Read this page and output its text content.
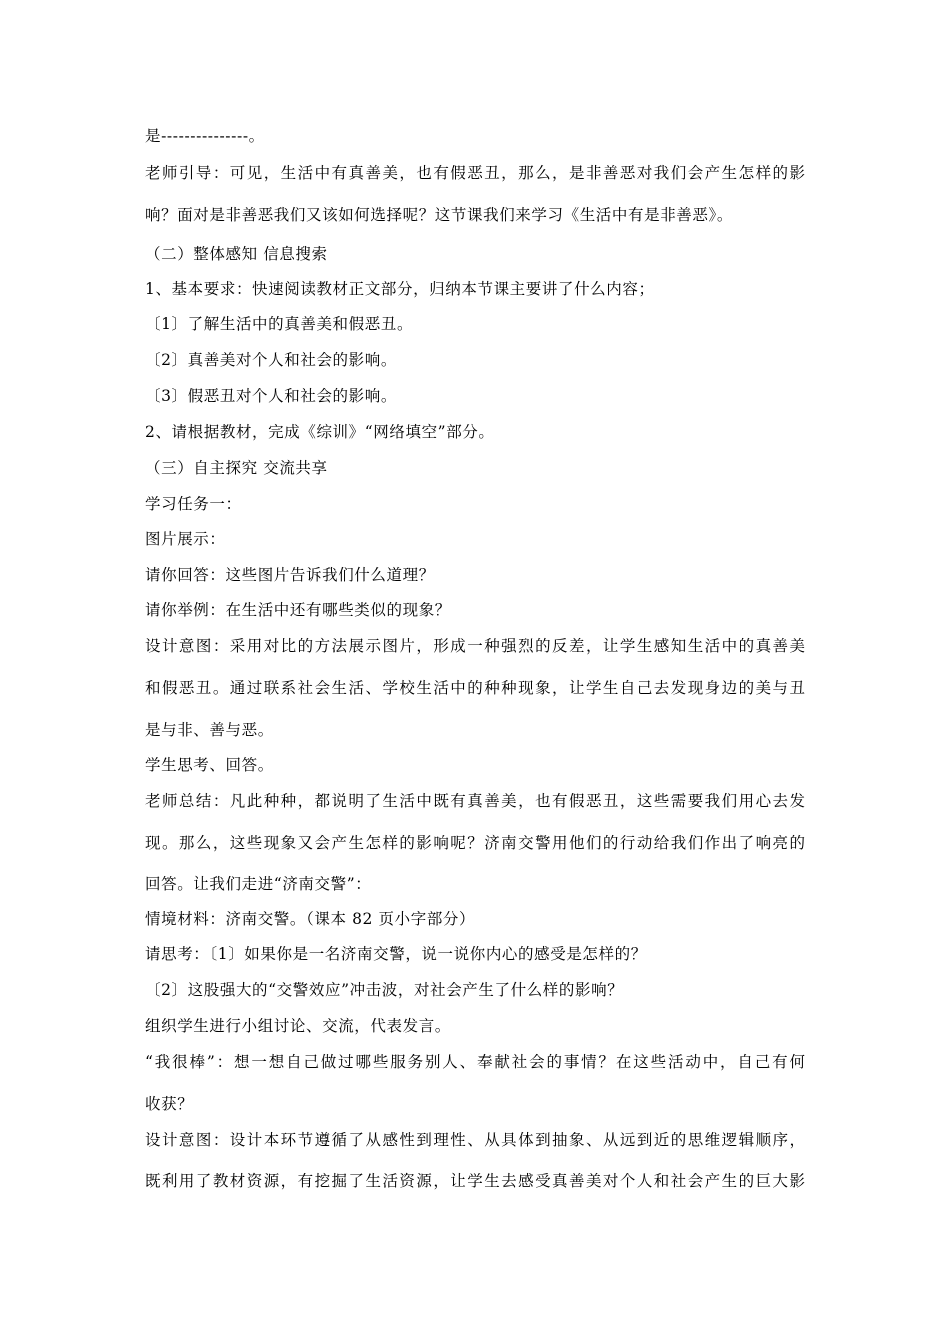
是---------------。
老师引导：可见，生活中有真善美，也有假恶丑，那么，是非善恶对我们会产生怎样的影
响？面对是非善恶我们又该如何选择呢？这节课我们来学习《生活中有是非善恶》。
（二）整体感知 信息搜索
1、基本要求：快速阅读教材正文部分，归纳本节课主要讲了什么内容；
〔1〕了解生活中的真善美和假恶丑。
〔2〕真善美对个人和社会的影响。
〔3〕假恶丑对个人和社会的影响。
2、请根据教材，完成《综训》“网络填空”部分。
（三）自主探究 交流共享
学习任务一：
图片展示：
请你回答：这些图片告诉我们什么道理？
请你举例：在生活中还有哪些类似的现象？
设计意图：采用对比的方法展示图片，形成一种强烈的反差，让学生感知生活中的真善美
和假恶丑。通过联系社会生活、学校生活中的种种现象，让学生自己去发现身边的美与丑
是与非、善与恶。
学生思考、回答。
老师总结：凡此种种，都说明了生活中既有真善美，也有假恶丑，这些需要我们用心去发
现。那么，这些现象又会产生怎样的影响呢？济南交警用他们的行动给我们作出了响亮的
回答。让我们走进“济南交警”：
情境材料：济南交警。（课本 82 页小字部分）
请思考：〔1〕如果你是一名济南交警，说一说你内心的感受是怎样的？
〔2〕这股强大的“交警效应”冲击波，对社会产生了什么样的影响？
组织学生进行小组讨论、交流，代表发言。
“我很棒”：想一想自己做过哪些服务别人、奉献社会的事情？在这些活动中，自己有何
收获？
设计意图：设计本环节遵循了从感性到理性、从具体到抽象、从远到近的思维逻辑顺序，
既利用了教材资源，有挖掘了生活资源，让学生去感受真善美对个人和社会产生的巨大影
